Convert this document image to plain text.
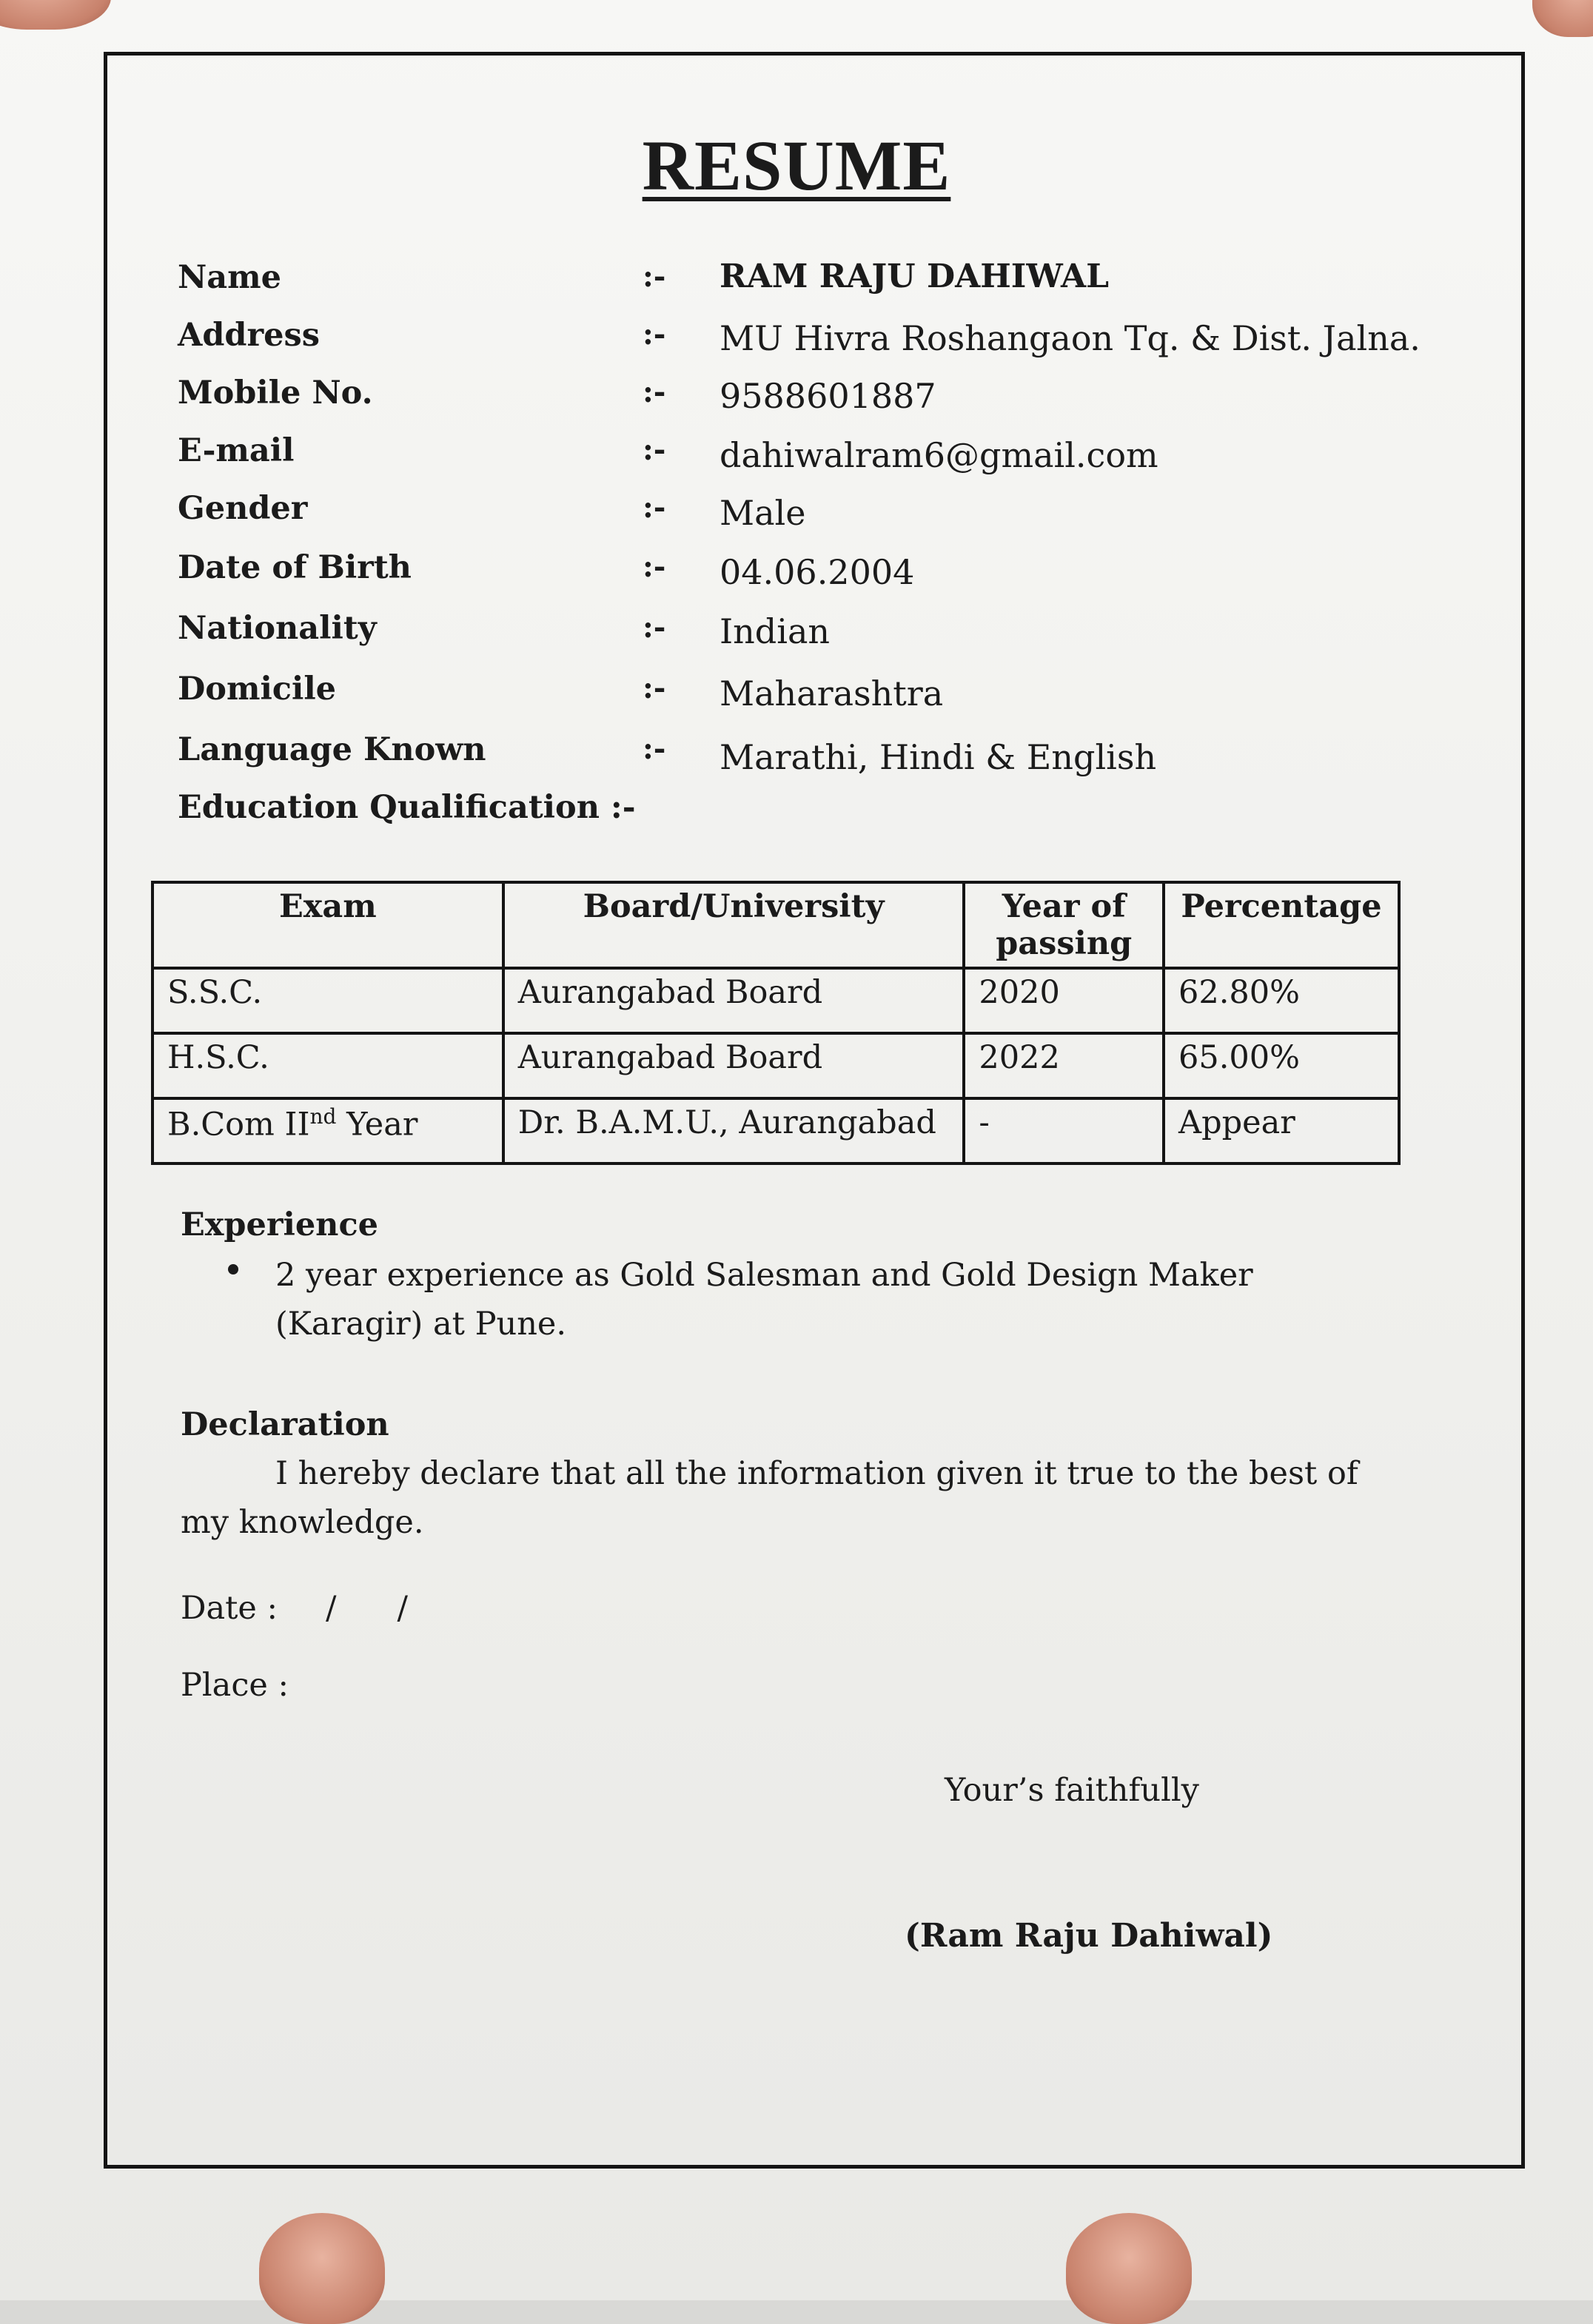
RESUME
Name	:- RAM RAJU DAHIWAL
Address	:- MU Hivra Roshangaon Tq. & Dist. Jalna.
Mobile No.	:- 9588601887
E-mail	:- dahiwalram6@gmail.com
Gender	:- Male
Date of Birth	:- 04.06.2004
Nationality	:- Indian
Domicile	:- Maharashtra
Language Known	:- Marathi, Hindi & English
Education Qualification :-
Exam	Board/University	Year of passing	Percentage
S.S.C.	Aurangabad Board	2020	62.80%
H.S.C.	Aurangabad Board	2022	65.00%
B.Com IInd Year	Dr. B.A.M.U., Aurangabad	-	Appear
Experience
2 year experience as Gold Salesman and Gold Design Maker (Karagir) at Pune.
Declaration
I hereby declare that all the information given it true to the best of my knowledge.
Date : /      /
Place :
Your’s faithfully
(Ram Raju Dahiwal)
